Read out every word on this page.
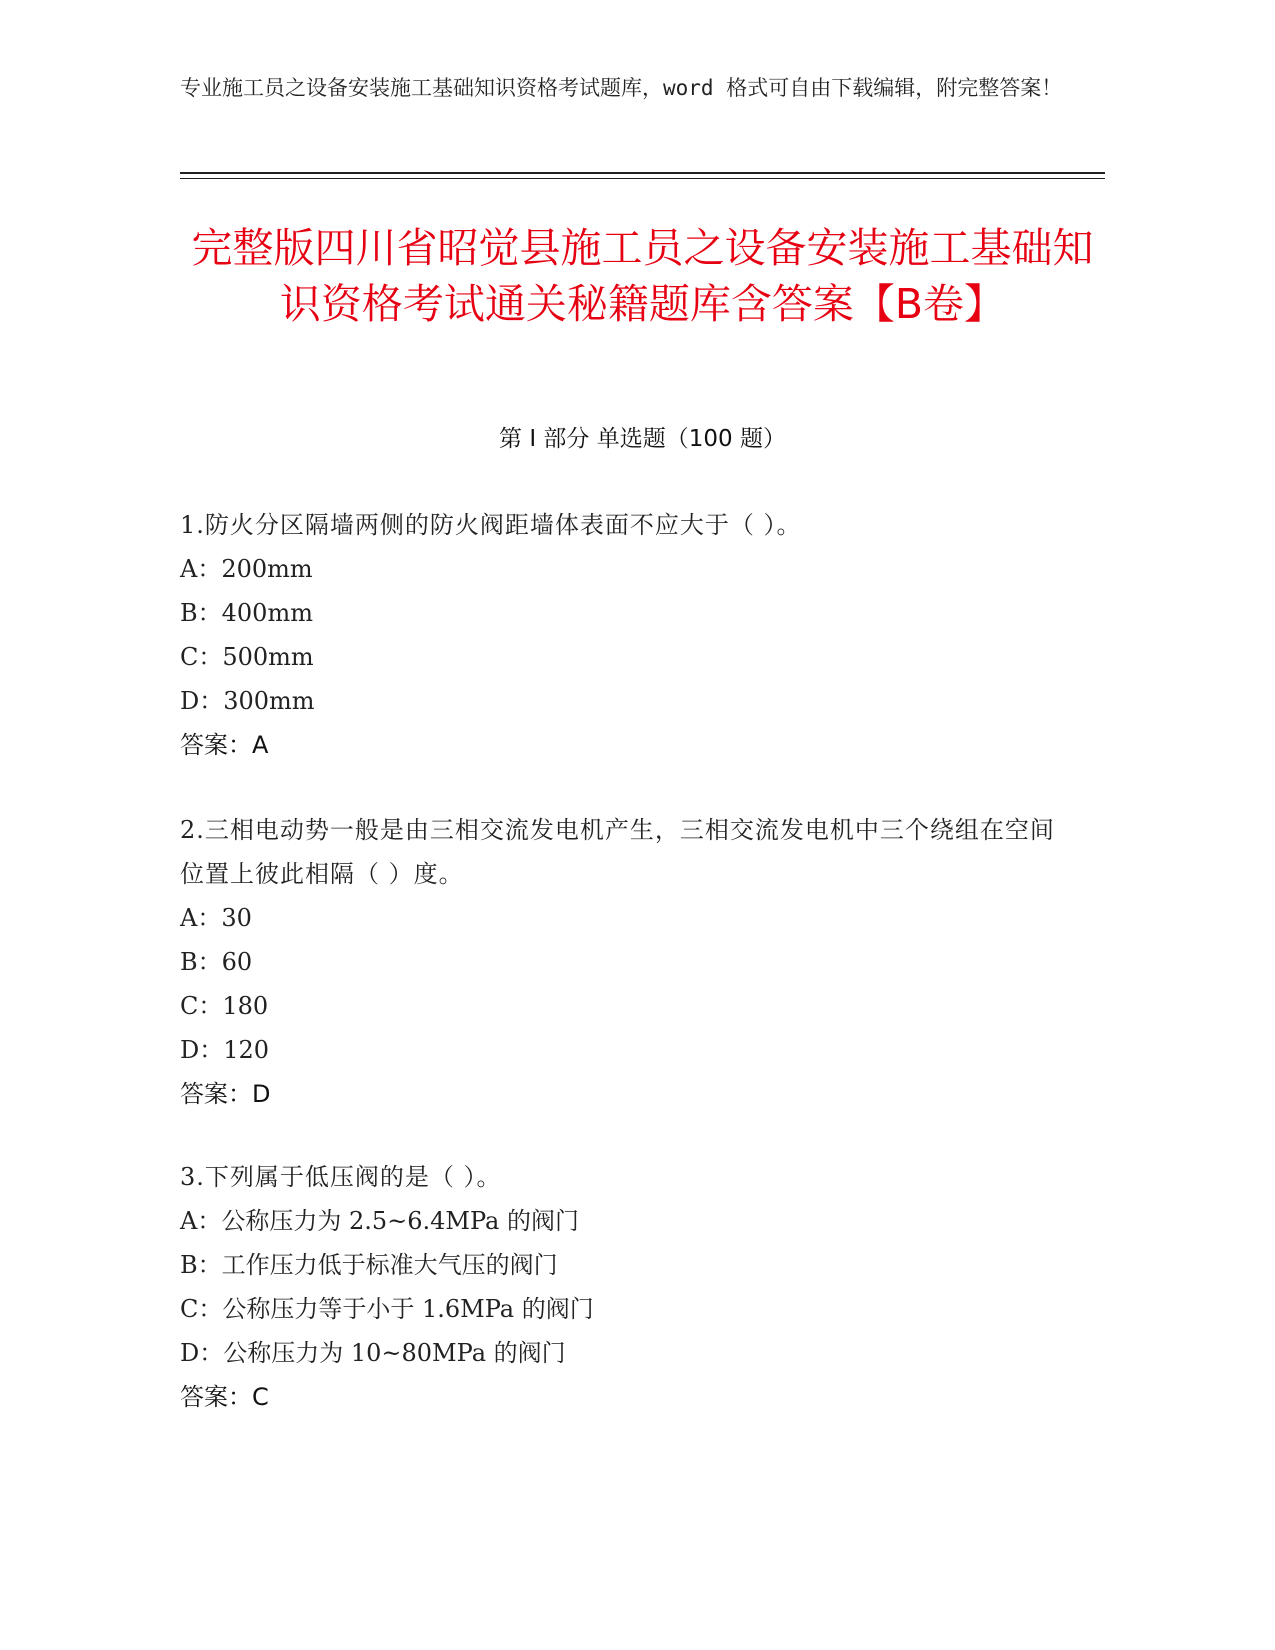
专业施工员之设备安装施工基础知识资格考试题库，word 格式可自由下载编辑，附完整答案！
完整版四川省昭觉县施工员之设备安装施工基础知识资格考试通关秘籍题库含答案【B卷】
第 I 部分 单选题（100 题）
1.防火分区隔墙两侧的防火阀距墙体表面不应大于（ ）。
A：200mm
B：400mm
C：500mm
D：300mm
答案：A
2.三相电动势一般是由三相交流发电机产生，三相交流发电机中三个绕组在空间位置上彼此相隔（ ）度。
A：30
B：60
C：180
D：120
答案：D
3.下列属于低压阀的是（ ）。
A：公称压力为 2.5~6.4MPa 的阀门
B：工作压力低于标准大气压的阀门
C：公称压力等于小于 1.6MPa 的阀门
D：公称压力为 10~80MPa 的阀门
答案：C
